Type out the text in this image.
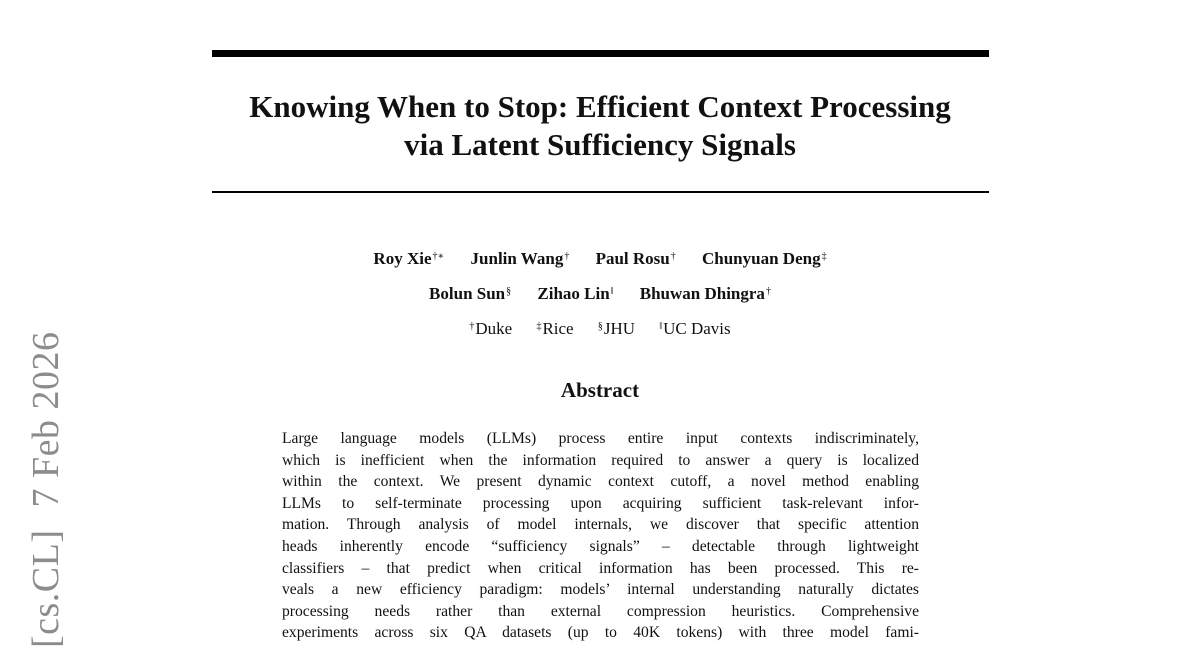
Knowing When to Stop: Efficient Context Processing
via Latent Sufficiency Signals
Roy Xie†∗ Junlin Wang† Paul Rosu† Chunyuan Deng‡
Bolun Sun§ Zihao Lin‖ Bhuwan Dhingra†
†Duke ‡Rice §JHU ‖UC Davis
Abstract
Large language models (LLMs) process entire input contexts indiscriminately,
which is inefficient when the information required to answer a query is localized
within the context. We present dynamic context cutoff, a novel method enabling
LLMs to self-terminate processing upon acquiring sufficient task-relevant infor-
mation. Through analysis of model internals, we discover that specific attention
heads inherently encode “sufficiency signals” – detectable through lightweight
classifiers – that predict when critical information has been processed. This re-
veals a new efficiency paradigm: models’ internal understanding naturally dictates
processing needs rather than external compression heuristics. Comprehensive
experiments across six QA datasets (up to 40K tokens) with three model fami-
[cs.CL]7 Feb 2026
